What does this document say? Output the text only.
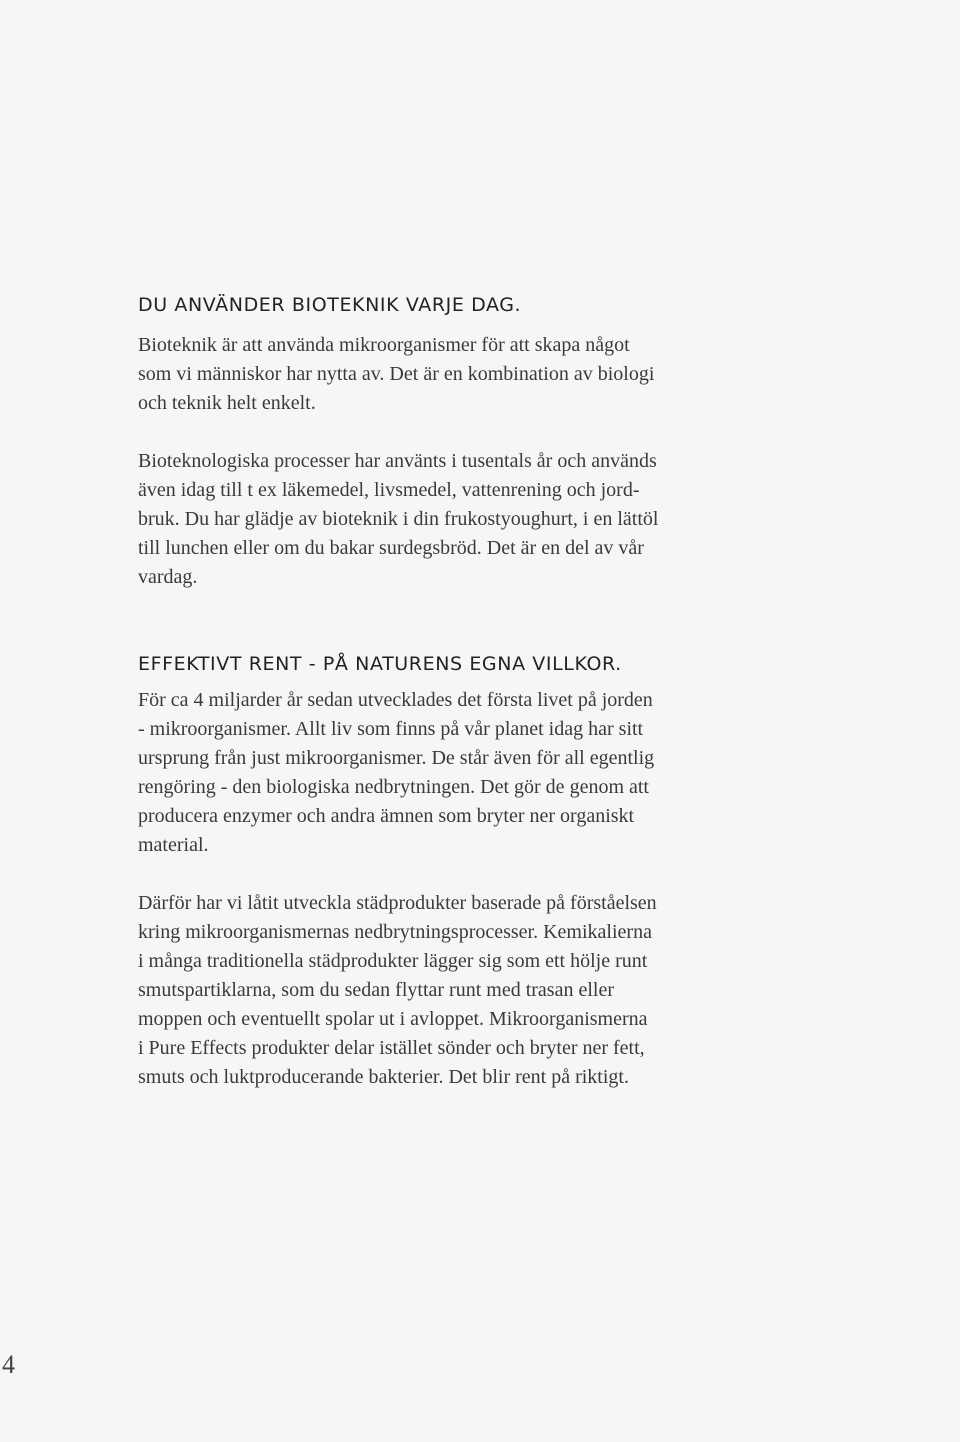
DU ANVÄNDER BIOTEKNIK VARJE DAG.

Bioteknik är att använda mikroorganismer för att skapa något
som vi människor har nytta av. Det är en kombination av biologi
och teknik helt enkelt.

Bioteknologiska processer har använts i tusentals år och används
även idag till t ex läkemedel, livsmedel, vattenrening och jord-
bruk. Du har glädje av bioteknik i din frukostyoughurt, i en lättöl
till lunchen eller om du bakar surdegsbröd. Det är en del av vår
vardag.

EFFEKTIVT RENT - PÅ NATURENS EGNA VILLKOR.

För ca 4 miljarder år sedan utvecklades det första livet på jorden
- mikroorganismer. Allt liv som finns på vår planet idag har sitt
ursprung från just mikroorganismer. De står även för all egentlig
rengöring - den biologiska nedbrytningen. Det gör de genom att
producera enzymer och andra ämnen som bryter ner organiskt
material.

Därför har vi låtit utveckla städprodukter baserade på förståelsen
kring mikroorganismernas nedbrytningsprocesser. Kemikalierna
i många traditionella städprodukter lägger sig som ett hölje runt
smutspartiklarna, som du sedan flyttar runt med trasan eller
moppen och eventuellt spolar ut i avloppet. Mikroorganismerna
i Pure Effects produkter delar istället sönder och bryter ner fett,
smuts och luktproducerande bakterier. Det blir rent på riktigt.

4
